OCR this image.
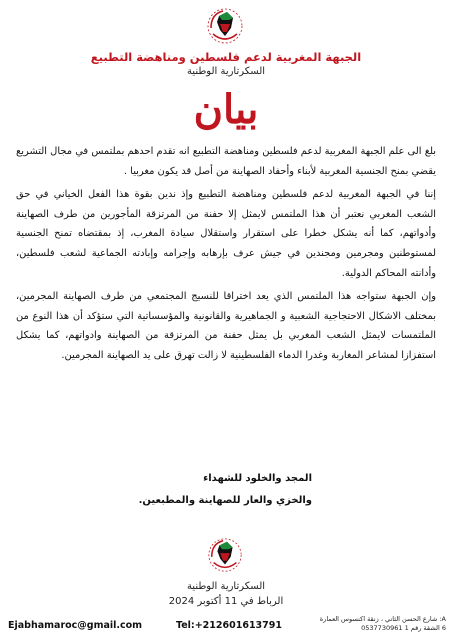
الجبهة المغربية لدعم فلسطين ومناهضة التطبيع
السكرتارية الوطنية
بيان

بلغ الى علم الجبهة المغربية لدعم فلسطين ومناهضة التطبيع انه تقدم احدهم بملتمس في مجال التشريع يقضي بمنح الجنسية المغربية لأبناء وأحفاد الصهاينة من أصل قد يكون مغربيا .

إننا في الجبهة المغربية لدعم فلسطين ومناهضة التطبيع وإذ ندين بقوة هذا الفعل الخياني في حق الشعب المغربي نعتبر أن هذا الملتمس لايمثل إلا حفنة من المرتزقة المأجورين من طرف الصهاينة وأدواتهم، كما أنه يشكل خطرا على استقرار واستقلال سيادة المغرب، إذ بمقتضاه تمنح الجنسية لمستوطنين ومجرمين ومجندين في جيش عرف بإرهابه وإجرامه وإبادته الجماعية لشعب فلسطين، وأدانته المحاكم الدولية.

وإن الجبهة ستواجه هذا الملتمس الذي يعد اختراقا للنسيج المجتمعي من طرف الصهاينة المجرمين، بمختلف الاشكال الاحتجاجية الشعبية و الجماهيرية والقانونية والمؤسساتية التي ستؤكد أن هذا النوع من الملتمسات لايمثل الشعب المغربي بل يمثل حفنة من المرتزقة من الصهاينة وادواتهم، كما يشكل استفزازا لمشاعر المغاربة وغدرا الدماء الفلسطينية لا زالت تهرق على يد الصهاينة المجرمين.

المجد والخلود للشهداء
والخزي والعار للصهاينة والمطبعين.
السكرتارية الوطنية
الرباط في 11 أكتوبر 2024
Ejabhamaroc@gmail.com	Tel:+212601613791
A: شارع الحسن الثاني ، زنقة اكنسوس العمارة
6 الشقة رقم 1 0537730961
